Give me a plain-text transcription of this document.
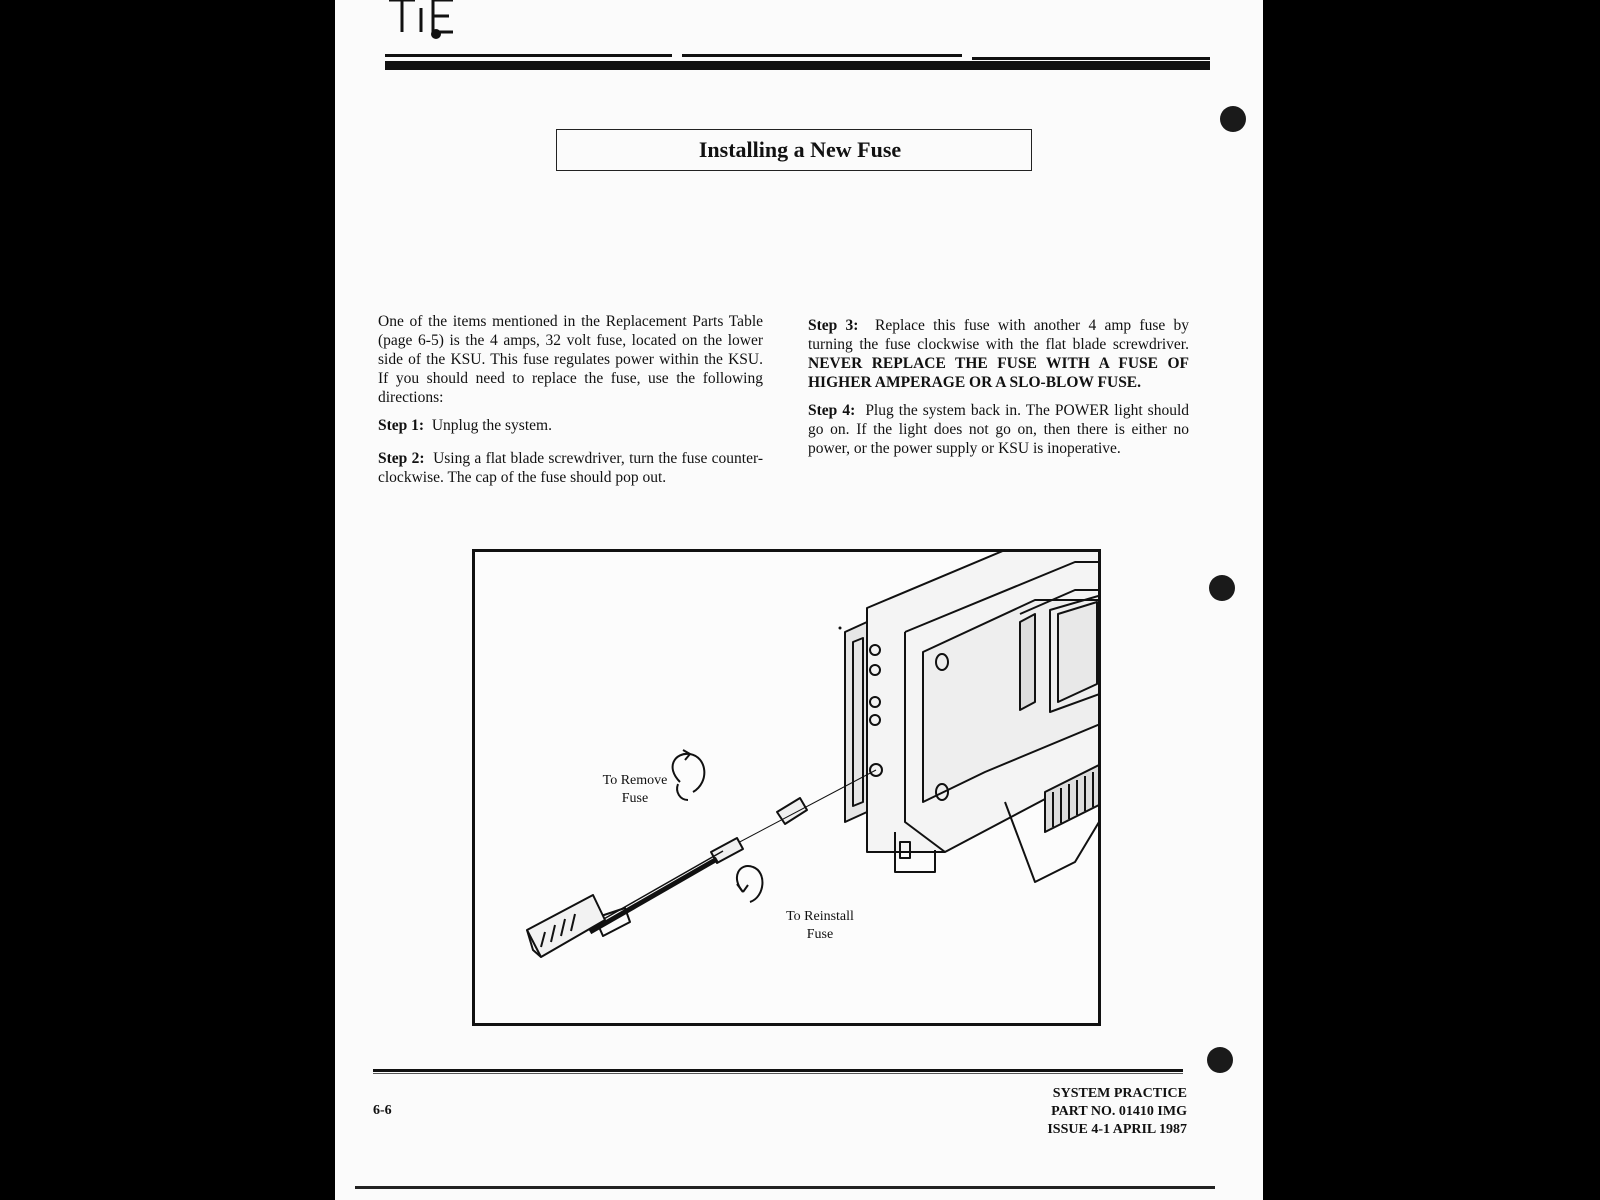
Installing a New Fuse

One of the items mentioned in the Replacement Parts Table (page 6-5) is the 4 amps, 32 volt fuse, located on the lower side of the KSU. This fuse regulates power within the KSU. If you should need to replace the fuse, use the following directions:

Step 1: Unplug the system.

Step 2: Using a flat blade screwdriver, turn the fuse counter-clockwise. The cap of the fuse should pop out.

Step 3: Replace this fuse with another 4 amp fuse by turning the fuse clockwise with the flat blade screwdriver. NEVER REPLACE THE FUSE WITH A FUSE OF HIGHER AMPERAGE OR A SLO-BLOW FUSE.

Step 4: Plug the system back in. The POWER light should go on. If the light does not go on, then there is either no power, or the power supply or KSU is inoperative.

To Remove
Fuse
To Reinstall
Fuse
6-6
SYSTEM PRACTICE
PART NO. 01410 IMG
ISSUE 4-1 APRIL 1987
